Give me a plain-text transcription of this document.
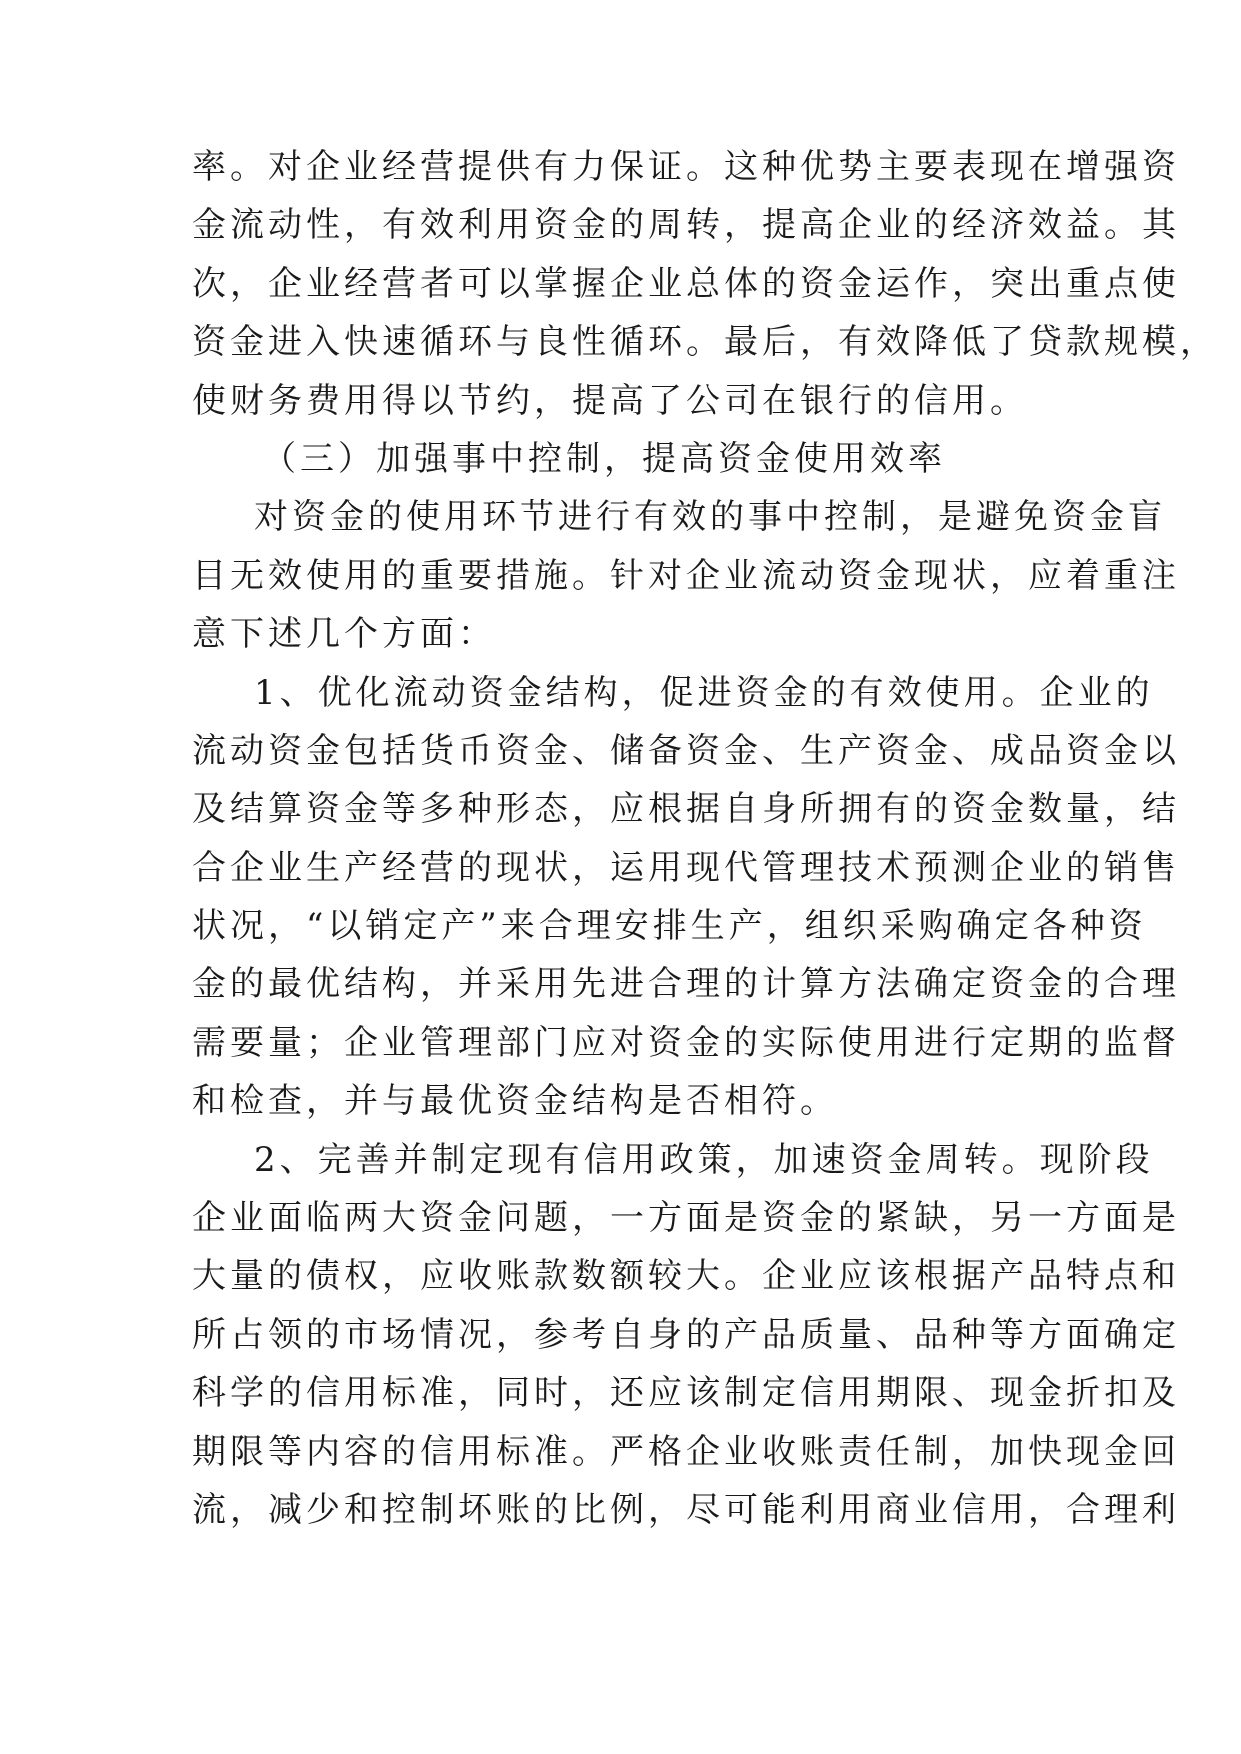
率。对企业经营提供有力保证。这种优势主要表现在增强资
金流动性，有效利用资金的周转，提高企业的经济效益。其
次，企业经营者可以掌握企业总体的资金运作，突出重点使
资金进入快速循环与良性循环。最后，有效降低了贷款规模，
使财务费用得以节约，提高了公司在银行的信用。
（三）加强事中控制，提高资金使用效率
对资金的使用环节进行有效的事中控制，是避免资金盲
目无效使用的重要措施。针对企业流动资金现状，应着重注
意下述几个方面：
1、优化流动资金结构，促进资金的有效使用。企业的
流动资金包括货币资金、储备资金、生产资金、成品资金以
及结算资金等多种形态，应根据自身所拥有的资金数量，结
合企业生产经营的现状，运用现代管理技术预测企业的销售
状况，“以销定产”来合理安排生产，组织采购确定各种资
金的最优结构，并采用先进合理的计算方法确定资金的合理
需要量；企业管理部门应对资金的实际使用进行定期的监督
和检查，并与最优资金结构是否相符。
2、完善并制定现有信用政策，加速资金周转。现阶段
企业面临两大资金问题，一方面是资金的紧缺，另一方面是
大量的债权，应收账款数额较大。企业应该根据产品特点和
所占领的市场情况，参考自身的产品质量、品种等方面确定
科学的信用标准，同时，还应该制定信用期限、现金折扣及
期限等内容的信用标准。严格企业收账责任制，加快现金回
流，减少和控制坏账的比例，尽可能利用商业信用，合理利
